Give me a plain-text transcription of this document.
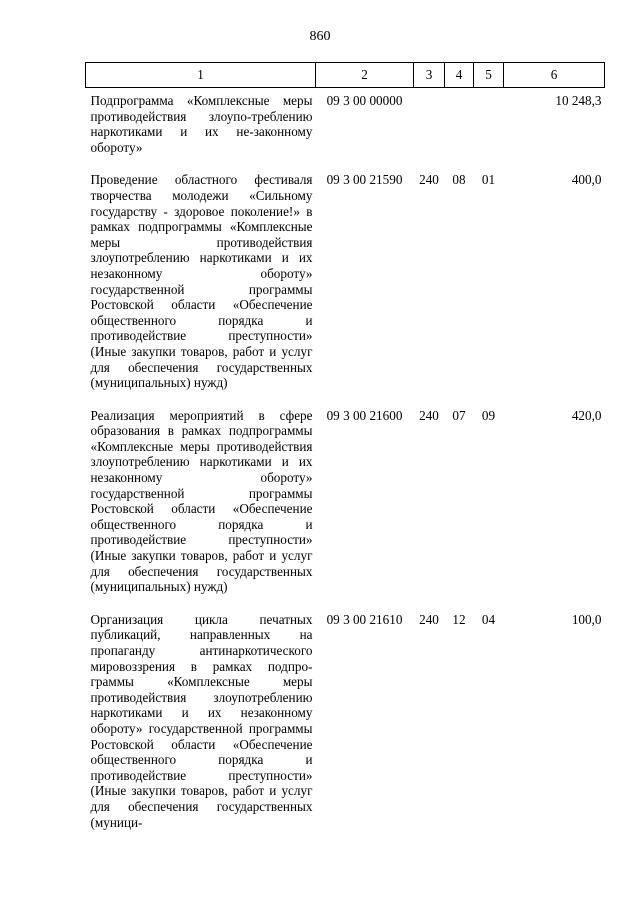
860
1	2	3	4	5	6
Подпрограмма «Комплексные меры противодействия злоупо-треблению наркотиками и их не-законному обороту»	09 3 00 00000				10 248,3
Проведение областного фестиваля творчества молодежи «Сильному государству - здоровое поколение!» в рамках подпрограммы «Комплексные меры противодействия злоупотреблению наркотиками и их незаконному обороту» государственной программы Ростовской области «Обеспечение общественного порядка и противодействие преступности» (Иные закупки товаров, работ и услуг для обеспечения государственных (муниципальных) нужд)	09 3 00 21590	240	08	01	400,0
Реализация мероприятий в сфере образования в рамках подпрограммы «Комплексные меры противодействия злоупотреблению наркотиками и их незаконному обороту» государственной программы Ростовской области «Обеспечение общественного порядка и противодействие преступности» (Иные закупки товаров, работ и услуг для обеспечения государственных (муниципальных) нужд)	09 3 00 21600	240	07	09	420,0
Организация цикла печатных публикаций, направленных на пропаганду антинаркотического мировоззрения в рамках подпрограммы «Комплексные меры противодействия злоупотреблению наркотиками и их незаконному обороту» государственной программы Ростовской области «Обеспечение общественного порядка и противодействие преступности» (Иные закупки товаров, работ и услуг для обеспечения государственных (муници-	09 3 00 21610	240	12	04	100,0
